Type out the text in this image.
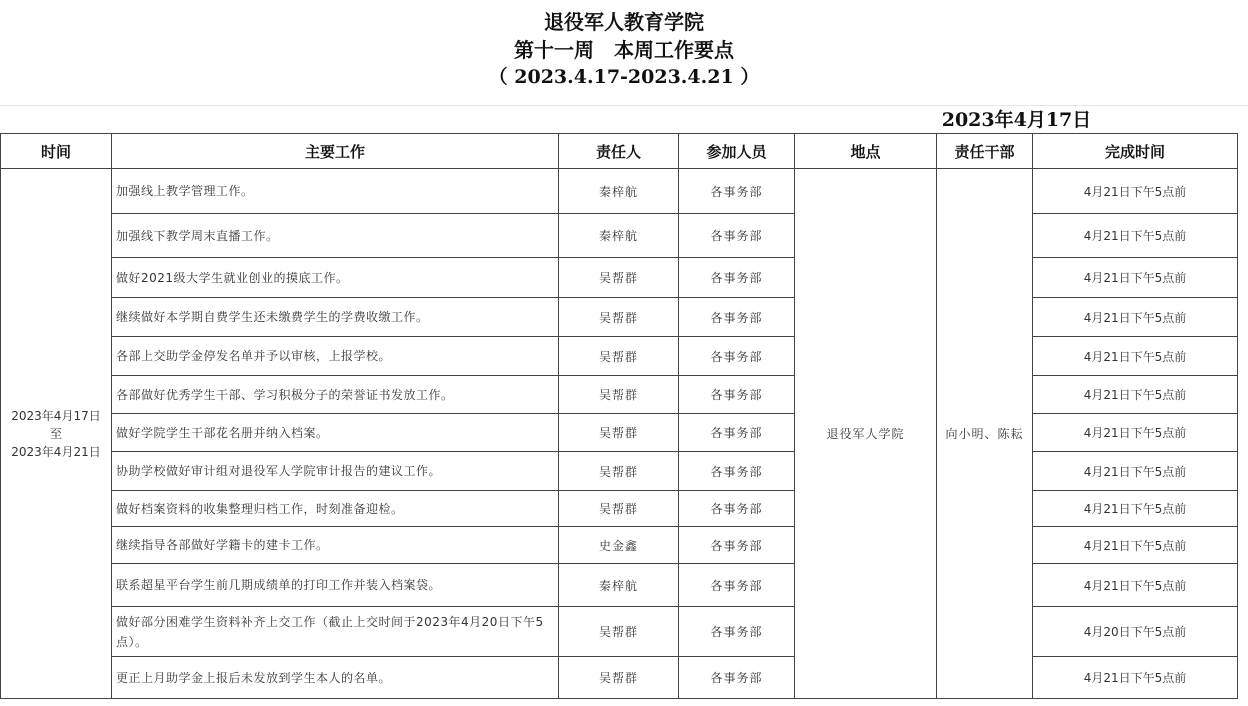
退役军人教育学院
第十一周　本周工作要点
（ 2023.4.17-2023.4.21 ）
2023年4月17日
时间	主要工作	责任人	参加人员	地点	责任干部	完成时间

2023年4月17日
至
2023年4月21日	加强线上教学管理工作。	秦梓航	各事务部	退役军人学院	向小明、陈耘	4月21日下午5点前
	加强线下教学周末直播工作。	秦梓航	各事务部			4月21日下午5点前
	做好2021级大学生就业创业的摸底工作。	吴帮群	各事务部			4月21日下午5点前
	继续做好本学期自费学生还未缴费学生的学费收缴工作。	吴帮群	各事务部			4月21日下午5点前
	各部上交助学金停发名单并予以审核，上报学校。	吴帮群	各事务部			4月21日下午5点前
	各部做好优秀学生干部、学习积极分子的荣誉证书发放工作。	吴帮群	各事务部			4月21日下午5点前
	做好学院学生干部花名册并纳入档案。	吴帮群	各事务部			4月21日下午5点前
	协助学校做好审计组对退役军人学院审计报告的建议工作。	吴帮群	各事务部			4月21日下午5点前
	做好档案资料的收集整理归档工作，时刻准备迎检。	吴帮群	各事务部			4月21日下午5点前
	继续指导各部做好学籍卡的建卡工作。	史金鑫	各事务部			4月21日下午5点前
	联系超星平台学生前几期成绩单的打印工作并装入档案袋。	秦梓航	各事务部			4月21日下午5点前
	做好部分困难学生资料补齐上交工作（截止上交时间于2023年4月20日下午5点）。	吴帮群	各事务部			4月20日下午5点前
	更正上月助学金上报后未发放到学生本人的名单。	吴帮群	各事务部			4月21日下午5点前
